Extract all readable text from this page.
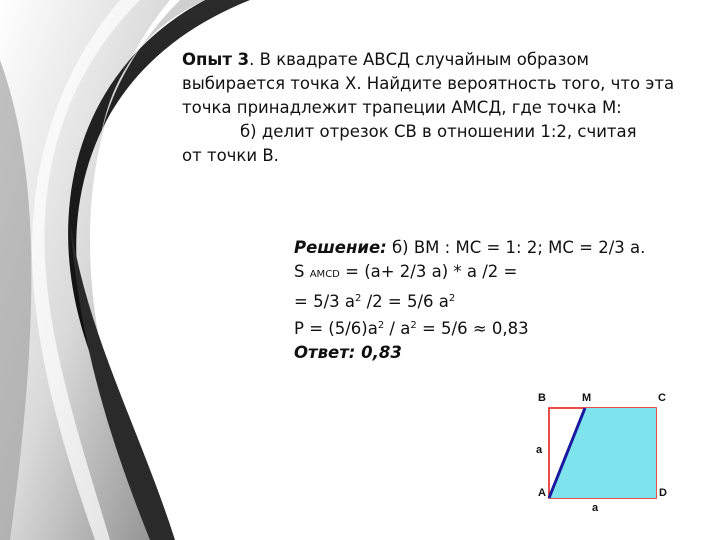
Опыт 3. В квадрате АВСД случайным образом выбирается точка Х. Найдите вероятность того, что эта точка принадлежит трапеции АМСД, где точка М:

б) делит отрезок СВ в отношении 1:2, считая

от точки В.

Решение: б) ВМ : МС = 1: 2; МС = 2/3 а.

S AMCD = (а+ 2/3 а) * а /2 =

= 5/3 $а^2$ /2 = 5/6 $а^2$

$Р = (5/6)а^2 / а^2 = 5/6 \approx 0,83$

Ответ: 0,83

B	M	C
a
A
a
D
